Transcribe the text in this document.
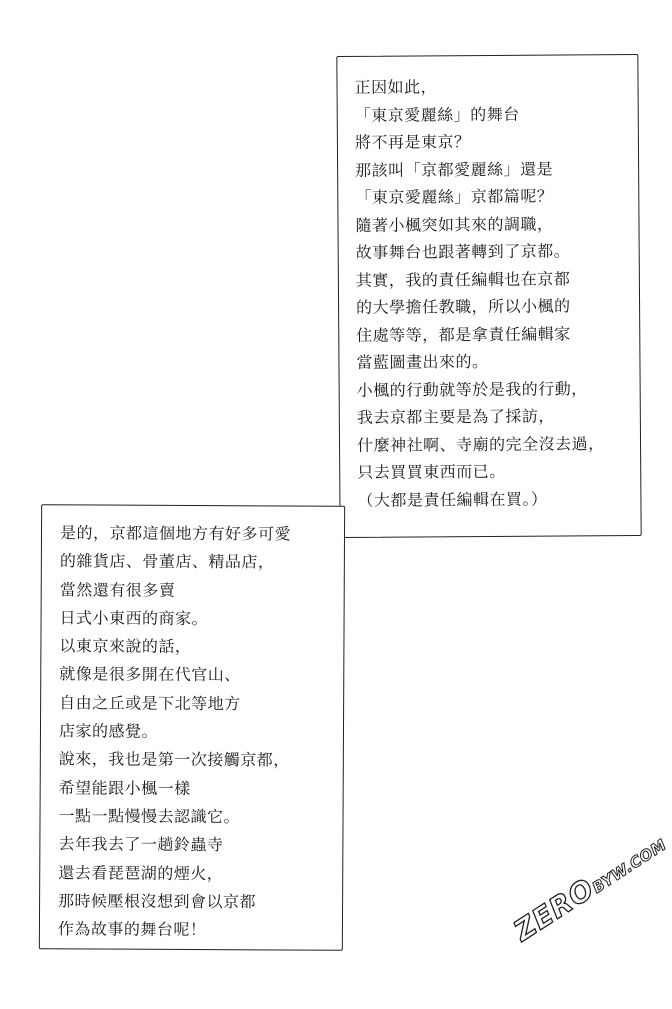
正因如此，
「東京愛麗絲」的舞台
將不再是東京？
那該叫「京都愛麗絲」還是
「東京愛麗絲」京都篇呢？
隨著小楓突如其來的調職，
故事舞台也跟著轉到了京都。
其實，我的責任編輯也在京都
的大學擔任教職，所以小楓的
住處等等，都是拿責任編輯家
當藍圖畫出來的。
小楓的行動就等於是我的行動，
我去京都主要是為了採訪，
什麼神社啊、寺廟的完全沒去過，
只去買買東西而已。
（大都是責任編輯在買。）
是的，京都這個地方有好多可愛
的雜貨店、骨董店、精品店，
當然還有很多賣
日式小東西的商家。
以東京來說的話，
就像是很多開在代官山、
自由之丘或是下北等地方
店家的感覺。
說來，我也是第一次接觸京都，
希望能跟小楓一樣
一點一點慢慢去認識它。
去年我去了一趟鈴蟲寺
還去看琵琶湖的煙火，
那時候壓根沒想到會以京都
作為故事的舞台呢！	ZEROBYW.COM
